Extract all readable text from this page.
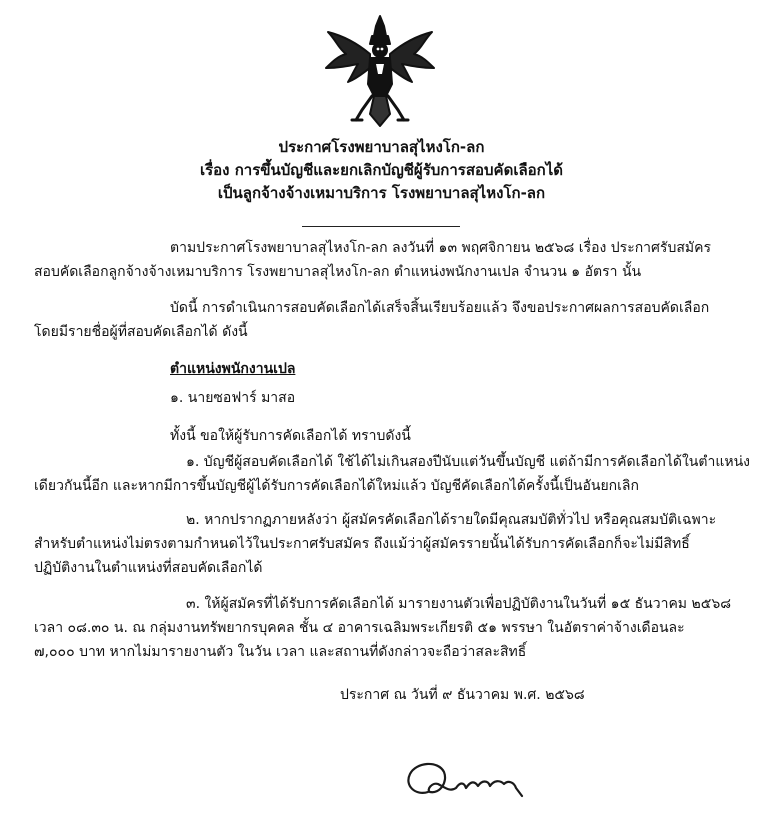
ประกาศโรงพยาบาลสุไหงโก-ลก
เรื่อง การขึ้นบัญชีและยกเลิกบัญชีผู้รับการสอบคัดเลือกได้
เป็นลูกจ้างจ้างเหมาบริการ โรงพยาบาลสุไหงโก-ลก
ตามประกาศโรงพยาบาลสุไหงโก-ลก ลงวันที่ ๑๓ พฤศจิกายน ๒๕๖๘ เรื่อง ประกาศรับสมัคร
สอบคัดเลือกลูกจ้างจ้างเหมาบริการ โรงพยาบาลสุไหงโก-ลก ตำแหน่งพนักงานเปล จำนวน ๑ อัตรา นั้น
บัดนี้ การดำเนินการสอบคัดเลือกได้เสร็จสิ้นเรียบร้อยแล้ว จึงขอประกาศผลการสอบคัดเลือก
โดยมีรายชื่อผู้ที่สอบคัดเลือกได้ ดังนี้
ตำแหน่งพนักงานเปล
๑. นายซอฟาร์ มาสอ
ทั้งนี้ ขอให้ผู้รับการคัดเลือกได้ ทราบดังนี้
๑. บัญชีผู้สอบคัดเลือกได้ ใช้ได้ไม่เกินสองปีนับแต่วันขึ้นบัญชี แต่ถ้ามีการคัดเลือกได้ในตำแหน่ง
เดียวกันนี้อีก และหากมีการขึ้นบัญชีผู้ได้รับการคัดเลือกได้ใหม่แล้ว บัญชีคัดเลือกได้ครั้งนี้เป็นอันยกเลิก
๒. หากปรากฏภายหลังว่า ผู้สมัครคัดเลือกได้รายใดมีคุณสมบัติทั่วไป หรือคุณสมบัติเฉพาะ
สำหรับตำแหน่งไม่ตรงตามกำหนดไว้ในประกาศรับสมัคร ถึงแม้ว่าผู้สมัครรายนั้นได้รับการคัดเลือกก็จะไม่มีสิทธิ์
ปฏิบัติงานในตำแหน่งที่สอบคัดเลือกได้
๓. ให้ผู้สมัครที่ได้รับการคัดเลือกได้ มารายงานตัวเพื่อปฏิบัติงานในวันที่ ๑๕ ธันวาคม ๒๕๖๘
เวลา ๐๘.๓๐ น. ณ กลุ่มงานทรัพยากรบุคคล ชั้น ๔ อาคารเฉลิมพระเกียรติ ๕๑ พรรษา ในอัตราค่าจ้างเดือนละ
๗,๐๐๐ บาท หากไม่มารายงานตัว ในวัน เวลา และสถานที่ดังกล่าวจะถือว่าสละสิทธิ์
ประกาศ ณ วันที่ ๙ ธันวาคม พ.ศ. ๒๕๖๘
